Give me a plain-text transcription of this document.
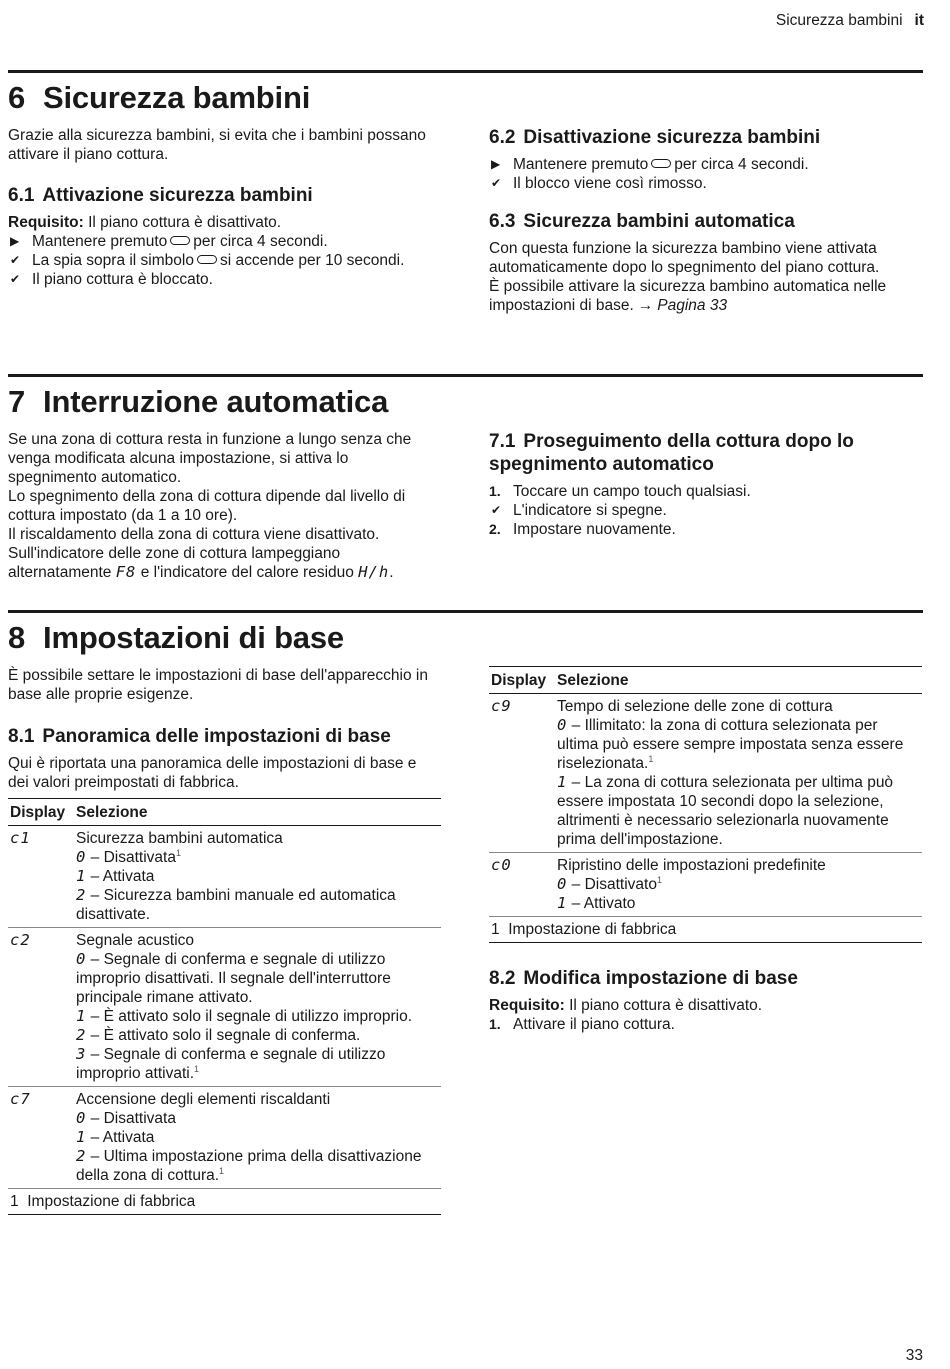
Sicurezza bambini it
6 Sicurezza bambini

Grazie alla sicurezza bambini, si evita che i bambini possano attivare il piano cottura.

6.1 Attivazione sicurezza bambini

Requisito: Il piano cottura è disattivato.

▶ Mantenere premuto per circa 4 secondi.
✔ La spia sopra il simbolo si accende per 10 secondi.
✔ Il piano cottura è bloccato.
6.2 Disattivazione sicurezza bambini
▶ Mantenere premuto per circa 4 secondi.
✔ Il blocco viene così rimosso.
6.3 Sicurezza bambini automatica

Con questa funzione la sicurezza bambino viene attivata automaticamente dopo lo spegnimento del piano cottura.

È possibile attivare la sicurezza bambino automatica nelle impostazioni di base. → Pagina 33

7 Interruzione automatica

Se una zona di cottura resta in funzione a lungo senza che venga modificata alcuna impostazione, si attiva lo spegnimento automatico.

Lo spegnimento della zona di cottura dipende dal livello di cottura impostato (da 1 a 10 ore).

Il riscaldamento della zona di cottura viene disattivato.

Sull'indicatore delle zone di cottura lampeggiano alternatamente F8 e l'indicatore del calore residuo H/h.

7.1 Proseguimento della cottura dopo lo spegnimento automatico
1. Toccare un campo touch qualsiasi.
✔ L'indicatore si spegne.
2. Impostare nuovamente.
8 Impostazioni di base

È possibile settare le impostazioni di base dell'apparecchio in base alle proprie esigenze.

8.1 Panoramica delle impostazioni di base

Qui è riportata una panoramica delle impostazioni di base e dei valori preimpostati di fabbrica.

Display	Selezione
c1	Sicurezza bambini automatica
0 – Disattivata$^1$
1 – Attivata
2 – Sicurezza bambini manuale ed automatica disattivate.

c2	Segnale acustico
0 – Segnale di conferma e segnale di utilizzo improprio disattivati. Il segnale dell'interruttore principale rimane attivato.
1 – È attivato solo il segnale di utilizzo improprio.
2 – È attivato solo il segnale di conferma.
3 – Segnale di conferma e segnale di utilizzo improprio attivati.$^1$

c7	Accensione degli elementi riscaldanti
0 – Disattivata
1 – Attivata
2 – Ultima impostazione prima della disattivazione della zona di cottura.$^1$

1 Impostazione di fabbrica	
Display	Selezione
c9	Tempo di selezione delle zone di cottura
0 – Illimitato: la zona di cottura selezionata per ultima può essere sempre impostata senza essere riselezionata.$^1$
1 – La zona di cottura selezionata per ultima può essere impostata 10 secondi dopo la selezione, altrimenti è necessario selezionarla nuovamente prima dell'impostazione.

c0	Ripristino delle impostazioni predefinite
0 – Disattivato$^1$
1 – Attivato

1 Impostazione di fabbrica	
8.2 Modifica impostazione di base

Requisito: Il piano cottura è disattivato.

1. Attivare il piano cottura.
33
